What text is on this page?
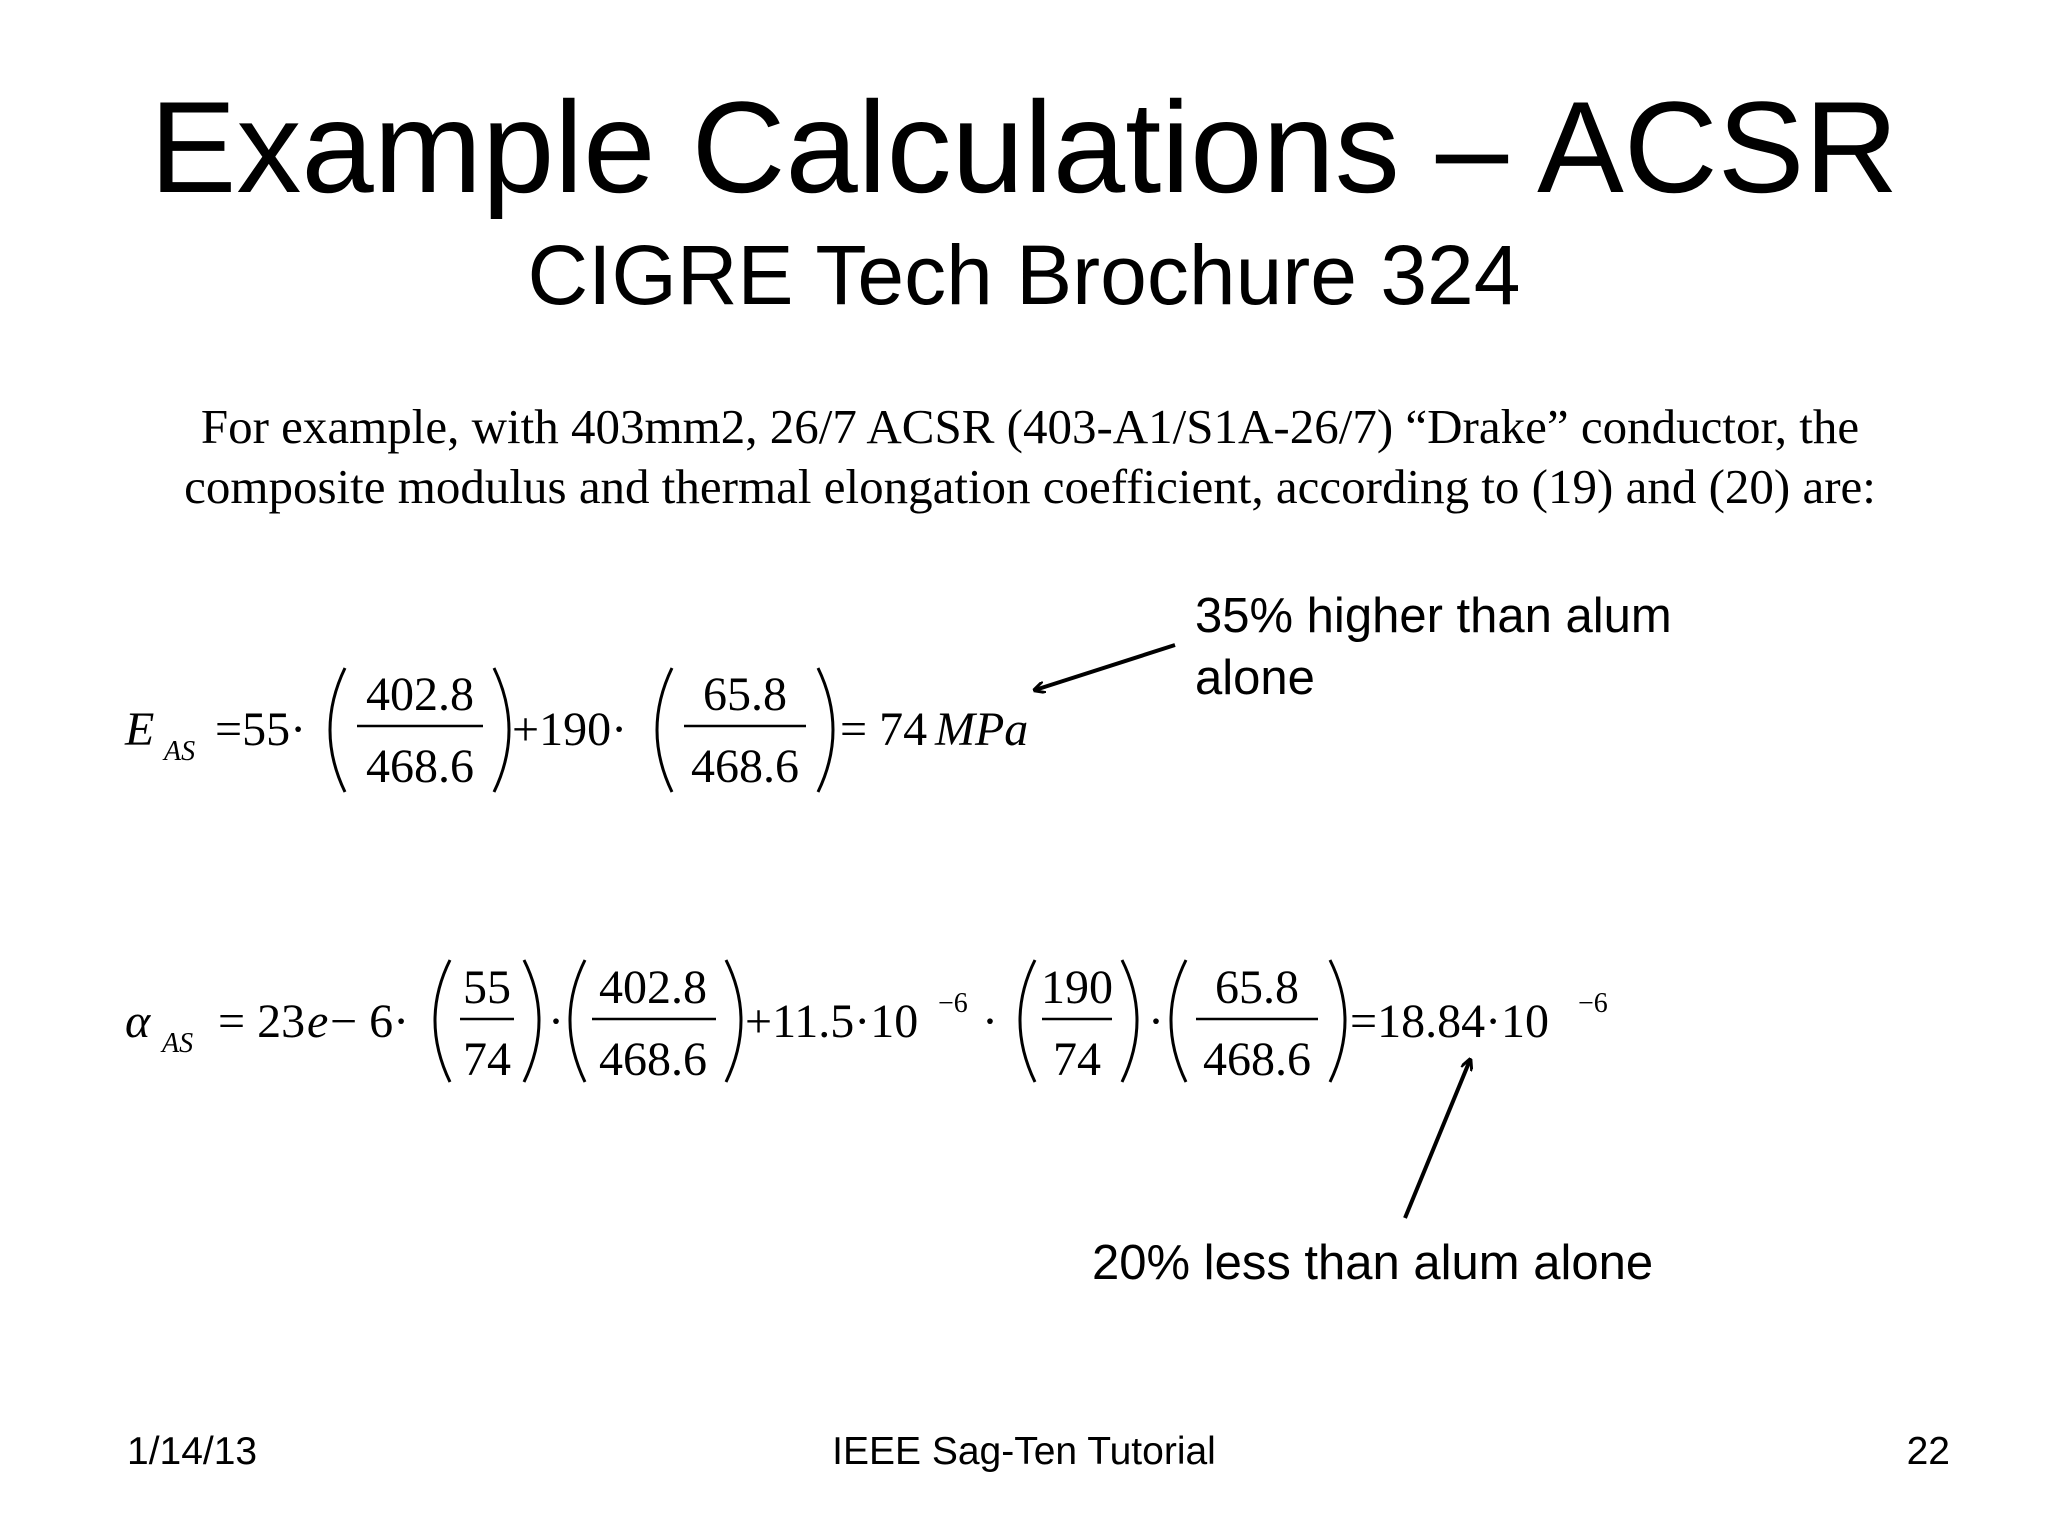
Example Calculations – ACSR
CIGRE Tech Brochure 324
For example, with 403mm2, 26/7 ACSR (403-A1/S1A-26/7) “Drake” conductor, the
composite modulus and thermal elongation coefficient, according to (19) and (20) are:
E AS =55·
402.8
468.6
+190·
65.8
468.6
= 74 MPa
α AS = 23 e − 6·
55
74
·
402.8
468.6
+11.5·10 −6 ·
190
74
·
65.8
468.6
=18.84·10 −6
35% higher than alum
alone
20% less than alum alone
1/14/13	IEEE Sag-Ten Tutorial	22
